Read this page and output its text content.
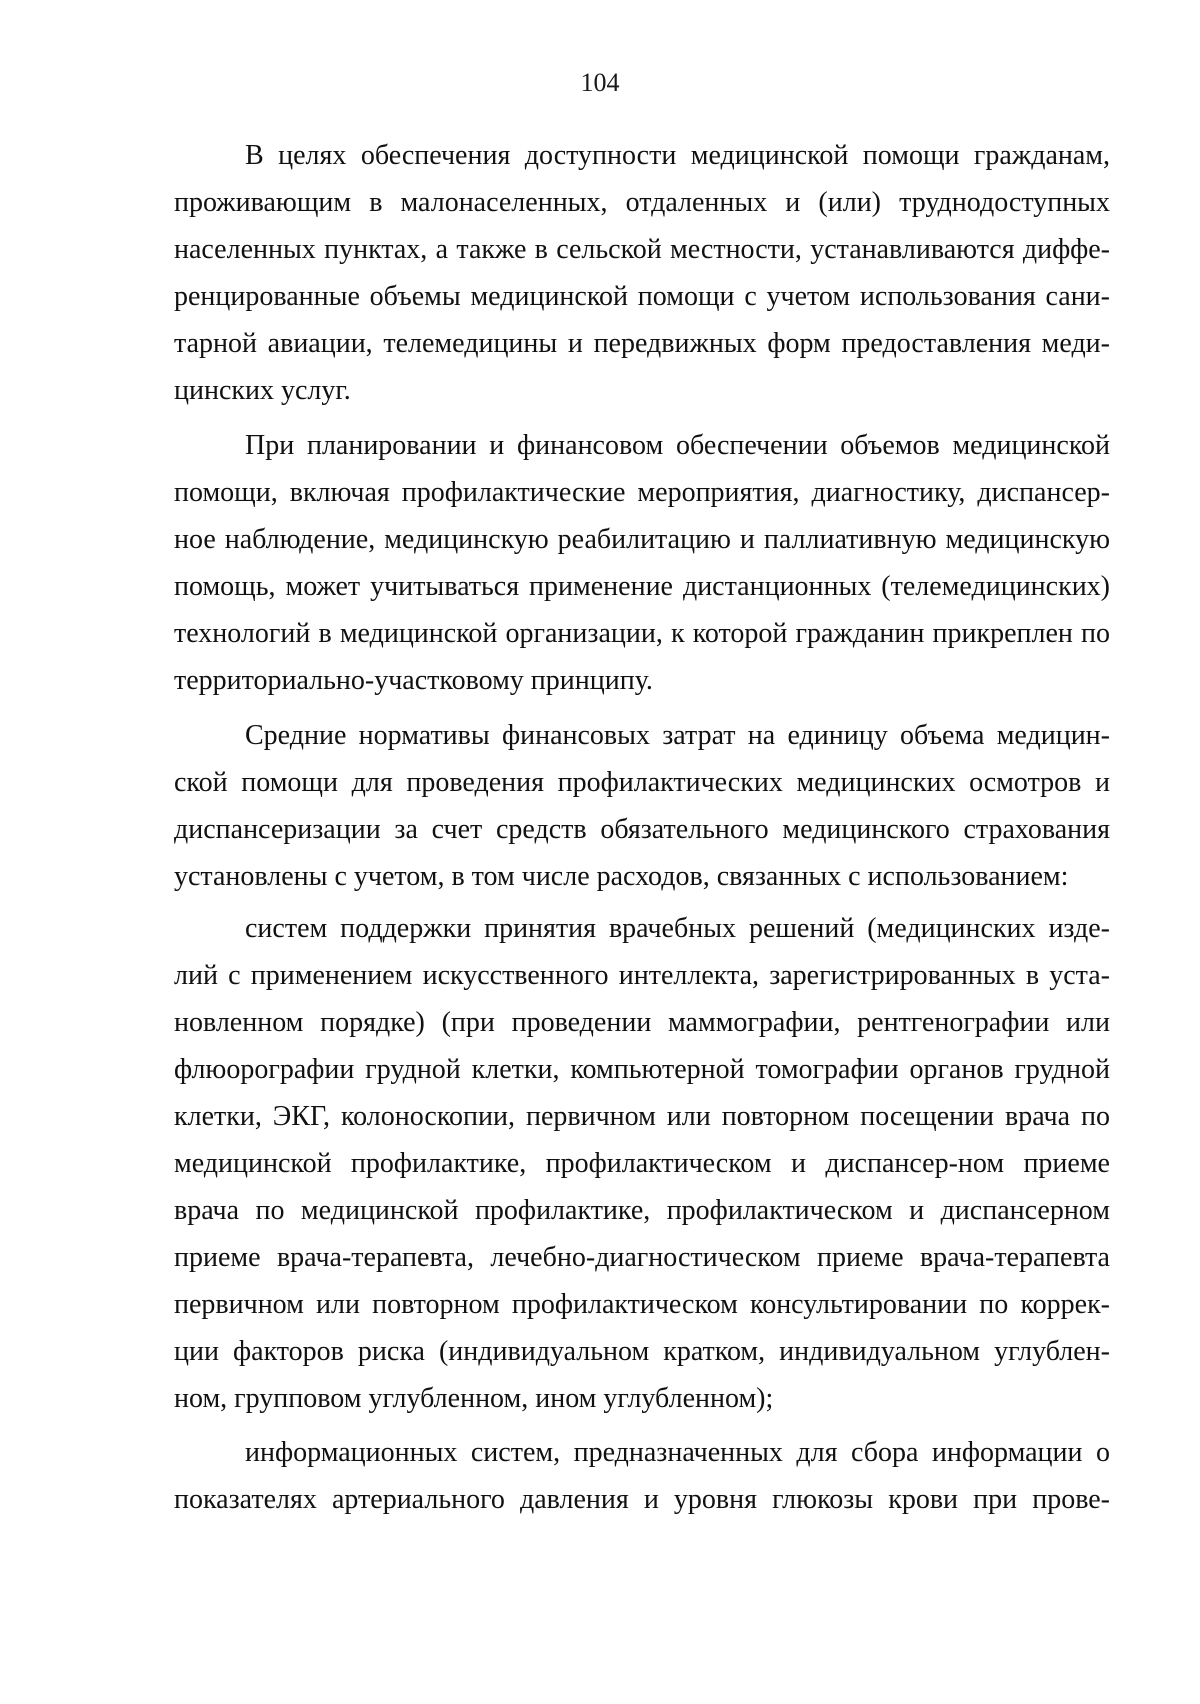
104
В целях обеспечения доступности медицинской помощи гражданам,
проживающим в малонаселенных, отдаленных и (или) труднодоступных
населенных пунктах, а также в сельской местности, устанавливаются диффе-
ренцированные объемы медицинской помощи с учетом использования сани-
тарной авиации, телемедицины и передвижных форм предоставления меди-
цинских услуг.
При планировании и финансовом обеспечении объемов медицинской
помощи, включая профилактические мероприятия, диагностику, диспансер-
ное наблюдение, медицинскую реабилитацию и паллиативную медицинскую
помощь, может учитываться применение дистанционных (телемедицинских)
технологий в медицинской организации, к которой гражданин прикреплен по
территориально-участковому принципу.
Средние нормативы финансовых затрат на единицу объема медицин-
ской помощи для проведения профилактических медицинских осмотров и
диспансеризации за счет средств обязательного медицинского страхования
установлены с учетом, в том числе расходов, связанных с использованием:
систем поддержки принятия врачебных решений (медицинских изде-
лий с применением искусственного интеллекта, зарегистрированных в уста-
новленном порядке) (при проведении маммографии, рентгенографии или
флюорографии грудной клетки, компьютерной томографии органов грудной
клетки, ЭКГ, колоноскопии, первичном или повторном посещении врача по
медицинской профилактике, профилактическом и диспансер-ном приеме
врача по медицинской профилактике, профилактическом и диспансерном
приеме врача-терапевта, лечебно-диагностическом приеме врача-терапевта
первичном или повторном профилактическом консультировании по коррек-
ции факторов риска (индивидуальном кратком, индивидуальном углублен-
ном, групповом углубленном, ином углубленном);
информационных систем, предназначенных для сбора информации о
показателях артериального давления и уровня глюкозы крови при прове-
